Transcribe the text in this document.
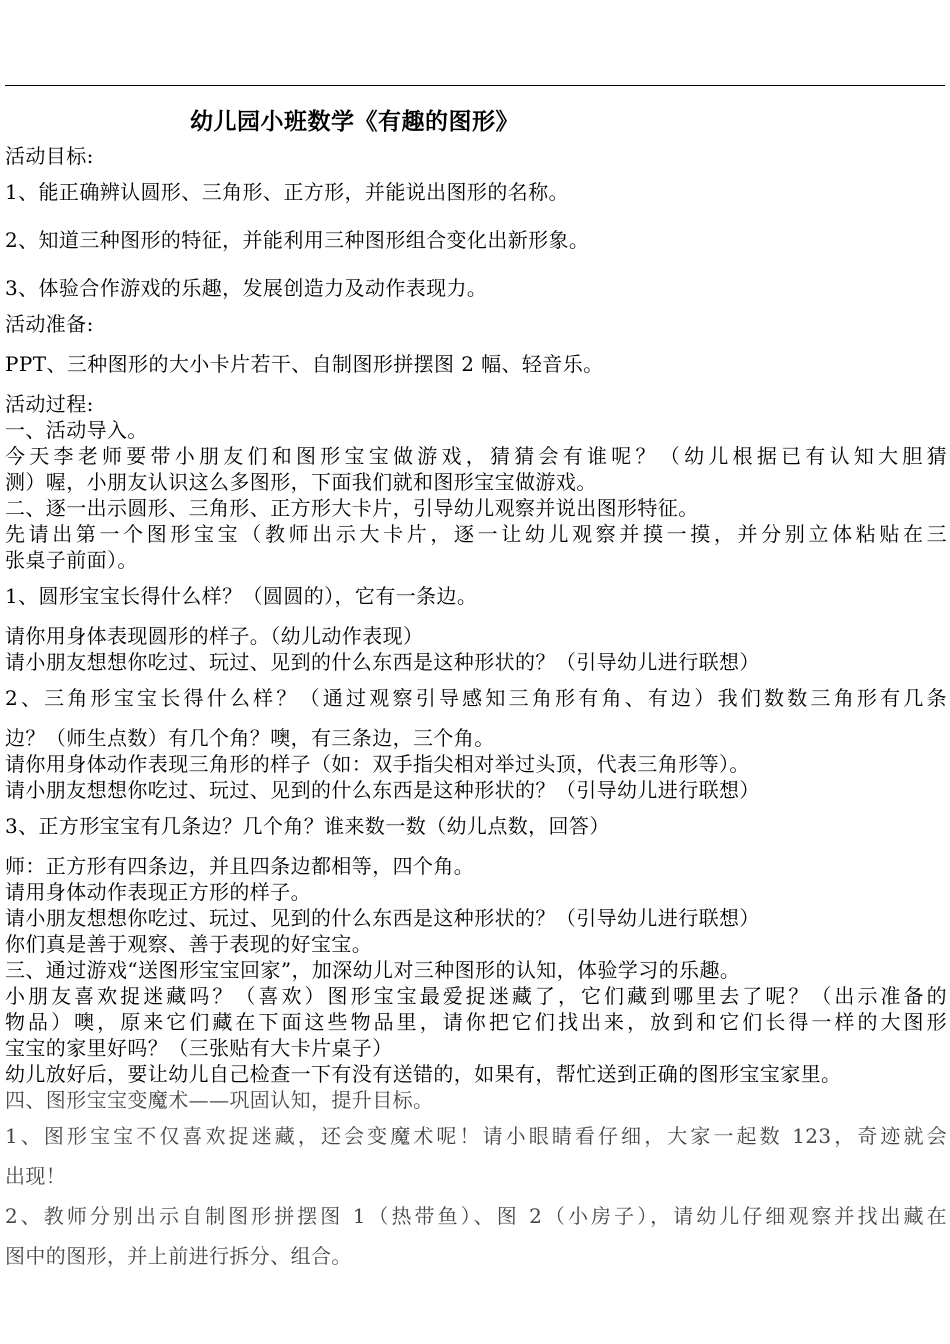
幼儿园小班数学《有趣的图形》
活动目标:
1、能正确辨认圆形、三角形、正方形，并能说出图形的名称。
2、知道三种图形的特征，并能利用三种图形组合变化出新形象。
3、体验合作游戏的乐趣，发展创造力及动作表现力。
活动准备:
PPT、三种图形的大小卡片若干、自制图形拼摆图 2 幅、轻音乐。
活动过程:
一、活动导入。
今天李老师要带小朋友们和图形宝宝做游戏，猜猜会有谁呢？（幼儿根据已有认知大胆猜
测）喔，小朋友认识这么多图形，下面我们就和图形宝宝做游戏。
二、逐一出示圆形、三角形、正方形大卡片，引导幼儿观察并说出图形特征。
先请出第一个图形宝宝（教师出示大卡片，逐一让幼儿观察并摸一摸，并分别立体粘贴在三
张桌子前面）。
1、圆形宝宝长得什么样？（圆圆的），它有一条边。
请你用身体表现圆形的样子。（幼儿动作表现）
请小朋友想想你吃过、玩过、见到的什么东西是这种形状的？（引导幼儿进行联想）
2、三角形宝宝长得什么样？（通过观察引导感知三角形有角、有边）我们数数三角形有几条
边？（师生点数）有几个角？噢，有三条边，三个角。
请你用身体动作表现三角形的样子（如：双手指尖相对举过头顶，代表三角形等）。
请小朋友想想你吃过、玩过、见到的什么东西是这种形状的？（引导幼儿进行联想）
3、正方形宝宝有几条边？几个角？谁来数一数（幼儿点数，回答）
师：正方形有四条边，并且四条边都相等，四个角。
请用身体动作表现正方形的样子。
请小朋友想想你吃过、玩过、见到的什么东西是这种形状的？（引导幼儿进行联想）
你们真是善于观察、善于表现的好宝宝。
三、通过游戏“送图形宝宝回家”，加深幼儿对三种图形的认知，体验学习的乐趣。
小朋友喜欢捉迷藏吗？（喜欢）图形宝宝最爱捉迷藏了，它们藏到哪里去了呢？（出示准备的
物品）噢，原来它们藏在下面这些物品里，请你把它们找出来，放到和它们长得一样的大图形
宝宝的家里好吗？（三张贴有大卡片桌子）
幼儿放好后，要让幼儿自己检查一下有没有送错的，如果有，帮忙送到正确的图形宝宝家里。
四、图形宝宝变魔术——巩固认知，提升目标。
1、图形宝宝不仅喜欢捉迷藏，还会变魔术呢！请小眼睛看仔细，大家一起数 123，奇迹就会
出现！
2、教师分别出示自制图形拼摆图 1（热带鱼）、图 2（小房子），请幼儿仔细观察并找出藏在
图中的图形，并上前进行拆分、组合。
